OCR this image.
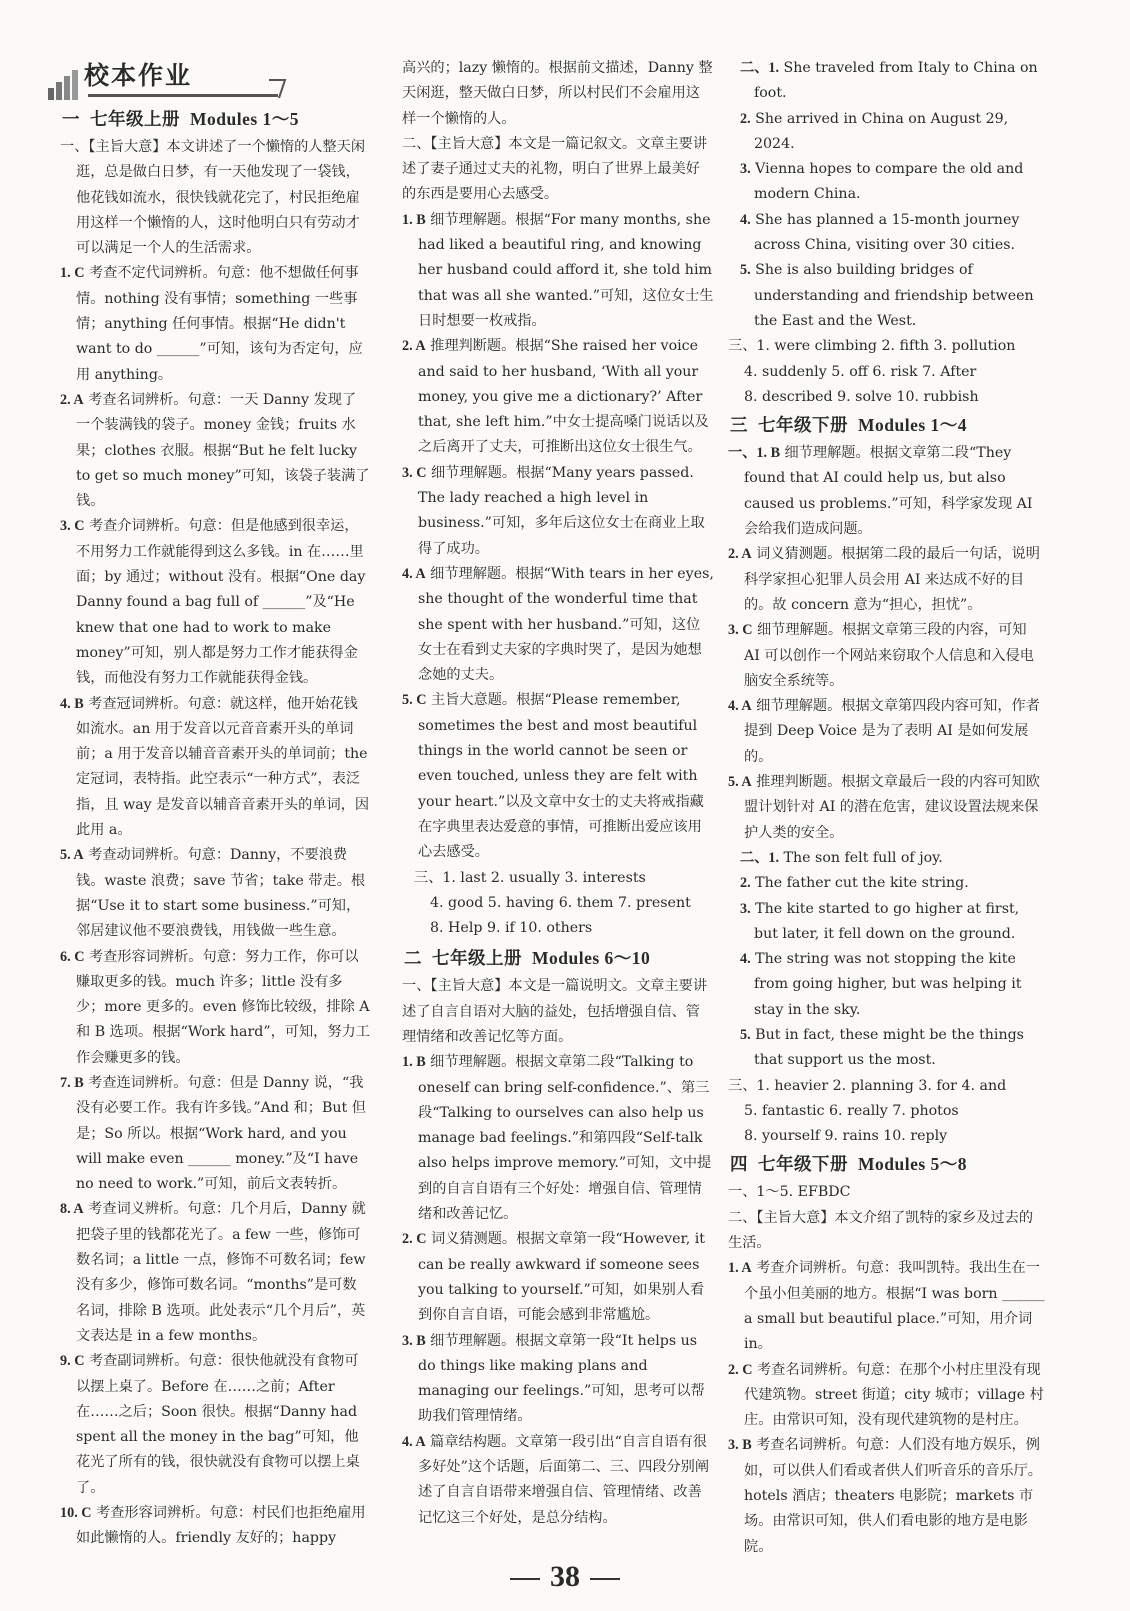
校本作业
一 七年级上册 Modules 1～5
一、【主旨大意】本文讲述了一个懒惰的人整天闲逛，总是做白日梦，有一天他发现了一袋钱，他花钱如流水，很快钱就花完了，村民拒绝雇用这样一个懒惰的人，这时他明白只有劳动才可以满足一个人的生活需求。
1. C 考查不定代词辨析。句意：他不想做任何事情。nothing 没有事情；something 一些事情；anything 任何事情。根据“He didn't want to do ______”可知，该句为否定句，应用 anything。
2. A 考查名词辨析。句意：一天 Danny 发现了一个装满钱的袋子。money 金钱；fruits 水果；clothes 衣服。根据“But he felt lucky to get so much money”可知，该袋子装满了钱。
3. C 考查介词辨析。句意：但是他感到很幸运，不用努力工作就能得到这么多钱。in 在……里面；by 通过；without 没有。根据“One day Danny found a bag full of ______”及“He knew that one had to work to make money”可知，别人都是努力工作才能获得金钱，而他没有努力工作就能获得金钱。
4. B 考查冠词辨析。句意：就这样，他开始花钱如流水。an 用于发音以元音音素开头的单词前；a 用于发音以辅音音素开头的单词前；the 定冠词，表特指。此空表示“一种方式”，表泛指，且 way 是发音以辅音音素开头的单词，因此用 a。
5. A 考查动词辨析。句意：Danny，不要浪费钱。waste 浪费；save 节省；take 带走。根据“Use it to start some business.”可知，邻居建议他不要浪费钱，用钱做一些生意。
6. C 考查形容词辨析。句意：努力工作，你可以赚取更多的钱。much 许多；little 没有多少；more 更多的。even 修饰比较级，排除 A 和 B 选项。根据“Work hard”，可知，努力工作会赚更多的钱。
7. B 考查连词辨析。句意：但是 Danny 说，“我没有必要工作。我有许多钱。”And 和；But 但是；So 所以。根据“Work hard, and you will make even ______ money.”及“I have no need to work.”可知，前后文表转折。
8. A 考查词义辨析。句意：几个月后，Danny 就把袋子里的钱都花光了。a few 一些，修饰可数名词；a little 一点，修饰不可数名词；few 没有多少，修饰可数名词。“months”是可数名词，排除 B 选项。此处表示“几个月后”，英文表达是 in a few months。
9. C 考查副词辨析。句意：很快他就没有食物可以摆上桌了。Before 在……之前；After 在……之后；Soon 很快。根据“Danny had spent all the money in the bag”可知，他花光了所有的钱，很快就没有食物可以摆上桌了。
10. C 考查形容词辨析。句意：村民们也拒绝雇用如此懒惰的人。friendly 友好的；happy

高兴的；lazy 懒惰的。根据前文描述，Danny 整天闲逛，整天做白日梦，所以村民们不会雇用这样一个懒惰的人。

二、【主旨大意】本文是一篇记叙文。文章主要讲述了妻子通过丈夫的礼物，明白了世界上最美好的东西是要用心去感受。

1. B 细节理解题。根据“For many months, she had liked a beautiful ring, and knowing her husband could afford it, she told him that was all she wanted.”可知，这位女士生日时想要一枚戒指。
2. A 推理判断题。根据“She raised her voice and said to her husband, ‘With all your money, you give me a dictionary?’ After that, she left him.”中女士提高嗓门说话以及之后离开了丈夫，可推断出这位女士很生气。
3. C 细节理解题。根据“Many years passed. The lady reached a high level in business.”可知，多年后这位女士在商业上取得了成功。
4. A 细节理解题。根据“With tears in her eyes, she thought of the wonderful time that she spent with her husband.”可知，这位女士在看到丈夫家的字典时哭了，是因为她想念她的丈夫。
5. C 主旨大意题。根据“Please remember, sometimes the best and most beautiful things in the world cannot be seen or even touched, unless they are felt with your heart.”以及文章中女士的丈夫将戒指藏在字典里表达爱意的事情，可推断出爱应该用心去感受。
三、1. last 2. usually 3. interests
4. good 5. having 6. them 7. present
8. Help 9. if 10. others
二 七年级上册 Modules 6～10

一、【主旨大意】本文是一篇说明文。文章主要讲述了自言自语对大脑的益处，包括增强自信、管理情绪和改善记忆等方面。

1. B 细节理解题。根据文章第二段“Talking to oneself can bring self-confidence.”、第三段“Talking to ourselves can also help us manage bad feelings.”和第四段“Self-talk also helps improve memory.”可知，文中提到的自言自语有三个好处：增强自信、管理情绪和改善记忆。
2. C 词义猜测题。根据文章第一段“However, it can be really awkward if someone sees you talking to yourself.”可知，如果别人看到你自言自语，可能会感到非常尴尬。
3. B 细节理解题。根据文章第一段“It helps us do things like making plans and managing our feelings.”可知，思考可以帮助我们管理情绪。
4. A 篇章结构题。文章第一段引出“自言自语有很多好处”这个话题，后面第二、三、四段分别阐述了自言自语带来增强自信、管理情绪、改善记忆这三个好处，是总分结构。
二、1. She traveled from Italy to China on foot.
2. She arrived in China on August 29, 2024.
3. Vienna hopes to compare the old and modern China.
4. She has planned a 15-month journey across China, visiting over 30 cities.
5. She is also building bridges of understanding and friendship between the East and the West.
三、1. were climbing 2. fifth 3. pollution
4. suddenly 5. off 6. risk 7. After
8. described 9. solve 10. rubbish
三 七年级下册 Modules 1～4
一、1. B 细节理解题。根据文章第二段“They found that AI could help us, but also caused us problems.”可知，科学家发现 AI 会给我们造成问题。
2. A 词义猜测题。根据第二段的最后一句话，说明科学家担心犯罪人员会用 AI 来达成不好的目的。故 concern 意为“担心，担忧”。
3. C 细节理解题。根据文章第三段的内容，可知 AI 可以创作一个网站来窃取个人信息和入侵电脑安全系统等。
4. A 细节理解题。根据文章第四段内容可知，作者提到 Deep Voice 是为了表明 AI 是如何发展的。
5. A 推理判断题。根据文章最后一段的内容可知欧盟计划针对 AI 的潜在危害，建议设置法规来保护人类的安全。
二、1. The son felt full of joy.
2. The father cut the kite string.
3. The kite started to go higher at first, but later, it fell down on the ground.
4. The string was not stopping the kite from going higher, but was helping it stay in the sky.
5. But in fact, these might be the things that support us the most.
三、1. heavier 2. planning 3. for 4. and
5. fantastic 6. really 7. photos
8. yourself 9. rains 10. reply
四 七年级下册 Modules 5～8
一、1～5. EFBDC

二、【主旨大意】本文介绍了凯特的家乡及过去的生活。

1. A 考查介词辨析。句意：我叫凯特。我出生在一个虽小但美丽的地方。根据“I was born ______ a small but beautiful place.”可知，用介词 in。
2. C 考查名词辨析。句意：在那个小村庄里没有现代建筑物。street 街道；city 城市；village 村庄。由常识可知，没有现代建筑物的是村庄。
3. B 考查名词辨析。句意：人们没有地方娱乐，例如，可以供人们看或者供人们听音乐的音乐厅。hotels 酒店；theaters 电影院；markets 市场。由常识可知，供人们看电影的地方是电影院。
38
